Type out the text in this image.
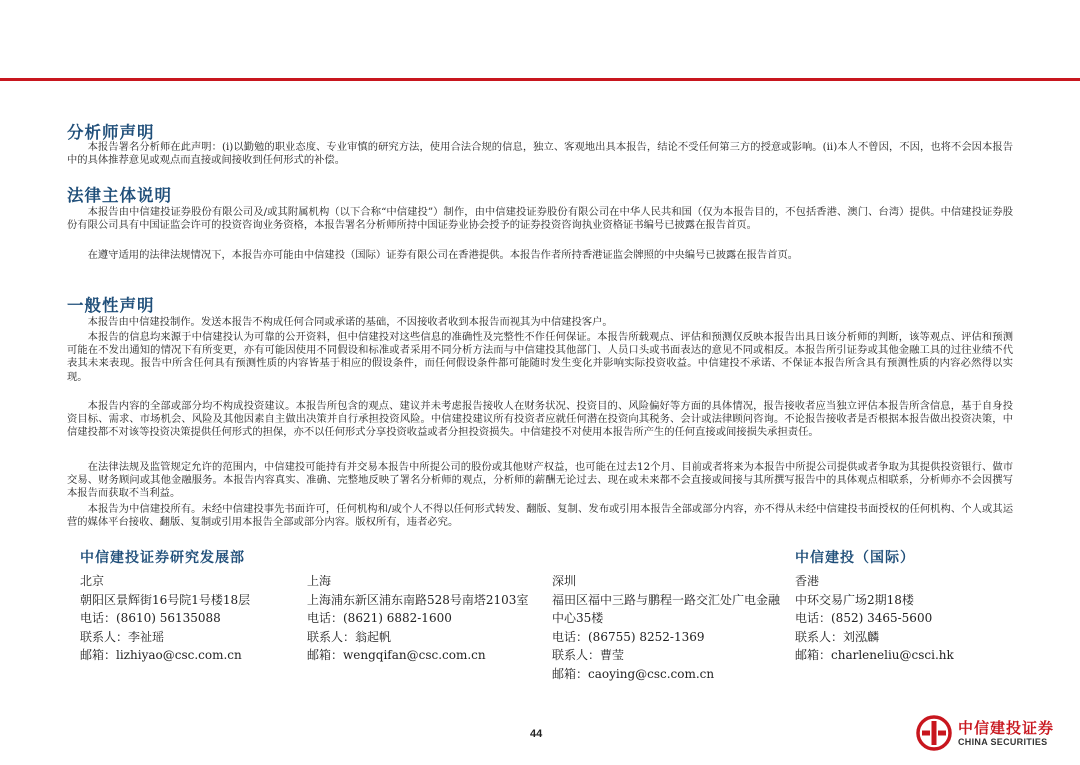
分析师声明
本报告署名分析师在此声明：(i)以勤勉的职业态度、专业审慎的研究方法，使用合法合规的信息，独立、客观地出具本报告，结论不受任何第三方的授意或影响。(ii)本人不曾因，不因，也将不会因本报告中的具体推荐意见或观点而直接或间接收到任何形式的补偿。
法律主体说明
本报告由中信建投证券股份有限公司及/或其附属机构（以下合称“中信建投”）制作，由中信建投证券股份有限公司在中华人民共和国（仅为本报告目的，不包括香港、澳门、台湾）提供。中信建投证券股份有限公司具有中国证监会许可的投资咨询业务资格，本报告署名分析师所持中国证券业协会授予的证券投资咨询执业资格证书编号已披露在报告首页。
在遵守适用的法律法规情况下，本报告亦可能由中信建投（国际）证券有限公司在香港提供。本报告作者所持香港证监会牌照的中央编号已披露在报告首页。
一般性声明
本报告由中信建投制作。发送本报告不构成任何合同或承诺的基础，不因接收者收到本报告而视其为中信建投客户。
本报告的信息均来源于中信建投认为可靠的公开资料，但中信建投对这些信息的准确性及完整性不作任何保证。本报告所载观点、评估和预测仅反映本报告出具日该分析师的判断，该等观点、评估和预测可能在不发出通知的情况下有所变更，亦有可能因使用不同假设和标准或者采用不同分析方法而与中信建投其他部门、人员口头或书面表达的意见不同或相反。本报告所引证券或其他金融工具的过往业绩不代表其未来表现。报告中所含任何具有预测性质的内容皆基于相应的假设条件，而任何假设条件都可能随时发生变化并影响实际投资收益。中信建投不承诺、不保证本报告所含具有预测性质的内容必然得以实现。
本报告内容的全部或部分均不构成投资建议。本报告所包含的观点、建议并未考虑报告接收人在财务状况、投资目的、风险偏好等方面的具体情况，报告接收者应当独立评估本报告所含信息，基于自身投资目标、需求、市场机会、风险及其他因素自主做出决策并自行承担投资风险。中信建投建议所有投资者应就任何潜在投资向其税务、会计或法律顾问咨询。不论报告接收者是否根据本报告做出投资决策，中信建投都不对该等投资决策提供任何形式的担保，亦不以任何形式分享投资收益或者分担投资损失。中信建投不对使用本报告所产生的任何直接或间接损失承担责任。
在法律法规及监管规定允许的范围内，中信建投可能持有并交易本报告中所提公司的股份或其他财产权益，也可能在过去12个月、目前或者将来为本报告中所提公司提供或者争取为其提供投资银行、做市交易、财务顾问或其他金融服务。本报告内容真实、准确、完整地反映了署名分析师的观点，分析师的薪酬无论过去、现在或未来都不会直接或间接与其所撰写报告中的具体观点相联系，分析师亦不会因撰写本报告而获取不当利益。
本报告为中信建投所有。未经中信建投事先书面许可，任何机构和/或个人不得以任何形式转发、翻版、复制、发布或引用本报告全部或部分内容，亦不得从未经中信建投书面授权的任何机构、个人或其运营的媒体平台接收、翻版、复制或引用本报告全部或部分内容。版权所有，违者必究。
中信建投证券研究发展部	中信建投（国际）
北京
朝阳区景辉街16号院1号楼18层
电话：(8610) 56135088
联系人：李祉瑶
邮箱：lizhiyao@csc.com.cn
上海
上海浦东新区浦东南路528号南塔2103室
电话：(8621) 6882-1600
联系人：翁起帆
邮箱：wengqifan@csc.com.cn
深圳
福田区福中三路与鹏程一路交汇处广电金融中心35楼
电话：(86755) 8252-1369
联系人：曹莹
邮箱：caoying@csc.com.cn
香港
中环交易广场2期18楼
电话：(852) 3465-5600
联系人：刘泓麟
邮箱：charleneliu@csci.hk
44	中信建投证券
CHINA SECURITIES
